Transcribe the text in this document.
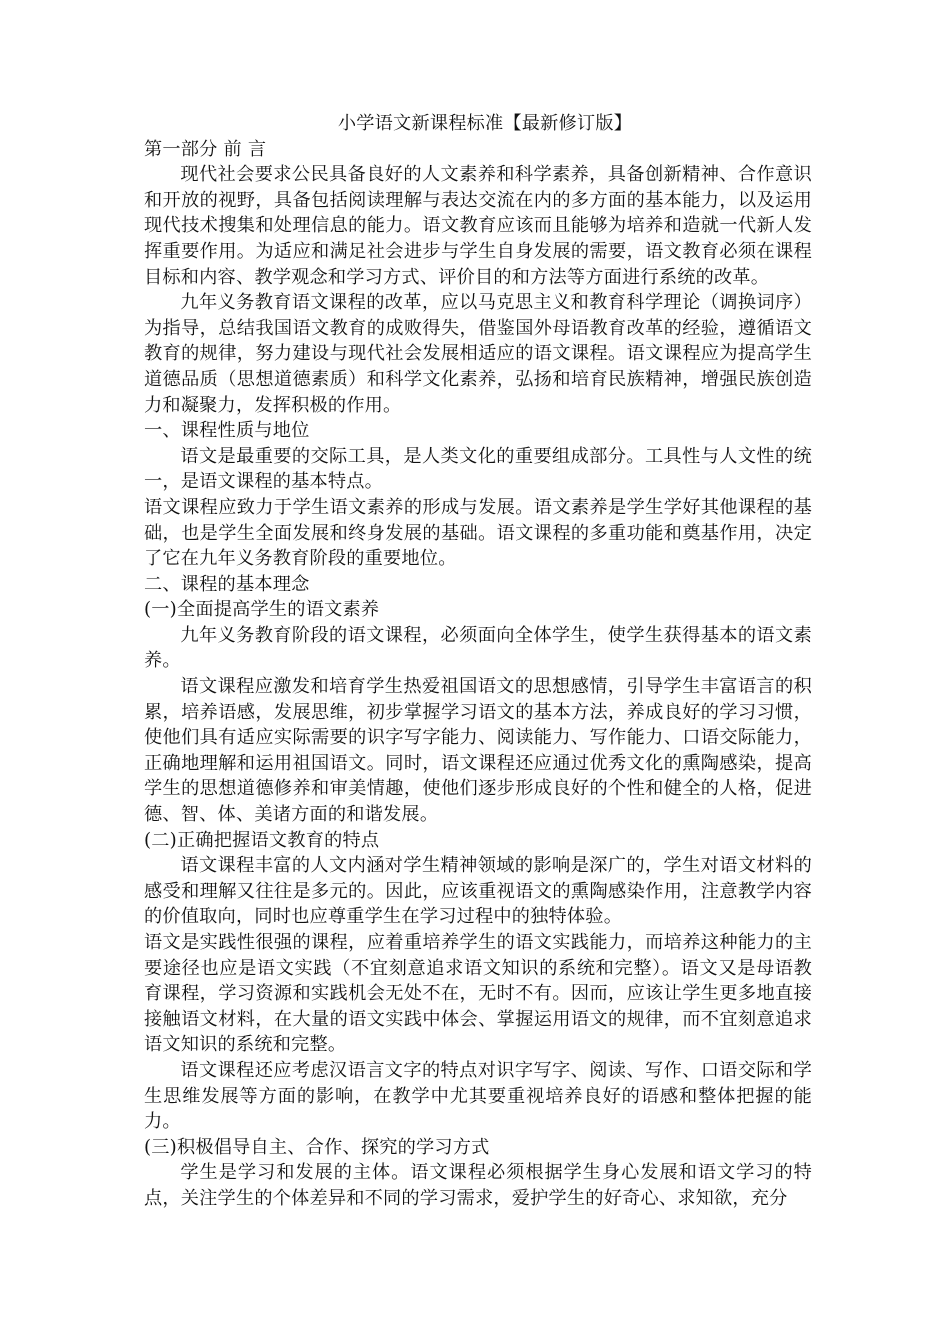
小学语文新课程标准【最新修订版】
第一部分 前 言

现代社会要求公民具备良好的人文素养和科学素养，具备创新精神、合作意识和开放的视野，具备包括阅读理解与表达交流在内的多方面的基本能力，以及运用现代技术搜集和处理信息的能力。语文教育应该而且能够为培养和造就一代新人发挥重要作用。为适应和满足社会进步与学生自身发展的需要，语文教育必须在课程目标和内容、教学观念和学习方式、评价目的和方法等方面进行系统的改革。

九年义务教育语文课程的改革，应以马克思主义和教育科学理论（调换词序）为指导，总结我国语文教育的成败得失，借鉴国外母语教育改革的经验，遵循语文教育的规律，努力建设与现代社会发展相适应的语文课程。语文课程应为提高学生道德品质（思想道德素质）和科学文化素养，弘扬和培育民族精神，增强民族创造力和凝聚力，发挥积极的作用。

一、课程性质与地位

语文是最重要的交际工具，是人类文化的重要组成部分。工具性与人文性的统一，是语文课程的基本特点。

语文课程应致力于学生语文素养的形成与发展。语文素养是学生学好其他课程的基础，也是学生全面发展和终身发展的基础。语文课程的多重功能和奠基作用，决定了它在九年义务教育阶段的重要地位。

二、课程的基本理念
(一)全面提高学生的语文素养

九年义务教育阶段的语文课程，必须面向全体学生，使学生获得基本的语文素养。

语文课程应激发和培育学生热爱祖国语文的思想感情，引导学生丰富语言的积累，培养语感，发展思维，初步掌握学习语文的基本方法，养成良好的学习习惯，使他们具有适应实际需要的识字写字能力、阅读能力、写作能力、口语交际能力，正确地理解和运用祖国语文。同时，语文课程还应通过优秀文化的熏陶感染，提高学生的思想道德修养和审美情趣，使他们逐步形成良好的个性和健全的人格，促进德、智、体、美诸方面的和谐发展。

(二)正确把握语文教育的特点

语文课程丰富的人文内涵对学生精神领域的影响是深广的，学生对语文材料的感受和理解又往往是多元的。因此，应该重视语文的熏陶感染作用，注意教学内容的价值取向，同时也应尊重学生在学习过程中的独特体验。

语文是实践性很强的课程，应着重培养学生的语文实践能力，而培养这种能力的主要途径也应是语文实践（不宜刻意追求语文知识的系统和完整）。语文又是母语教育课程，学习资源和实践机会无处不在，无时不有。因而，应该让学生更多地直接接触语文材料，在大量的语文实践中体会、掌握运用语文的规律，而不宜刻意追求语文知识的系统和完整。

语文课程还应考虑汉语言文字的特点对识字写字、阅读、写作、口语交际和学生思维发展等方面的影响，在教学中尤其要重视培养良好的语感和整体把握的能力。

(三)积极倡导自主、合作、探究的学习方式

学生是学习和发展的主体。语文课程必须根据学生身心发展和语文学习的特点，关注学生的个体差异和不同的学习需求，爱护学生的好奇心、求知欲，充分
